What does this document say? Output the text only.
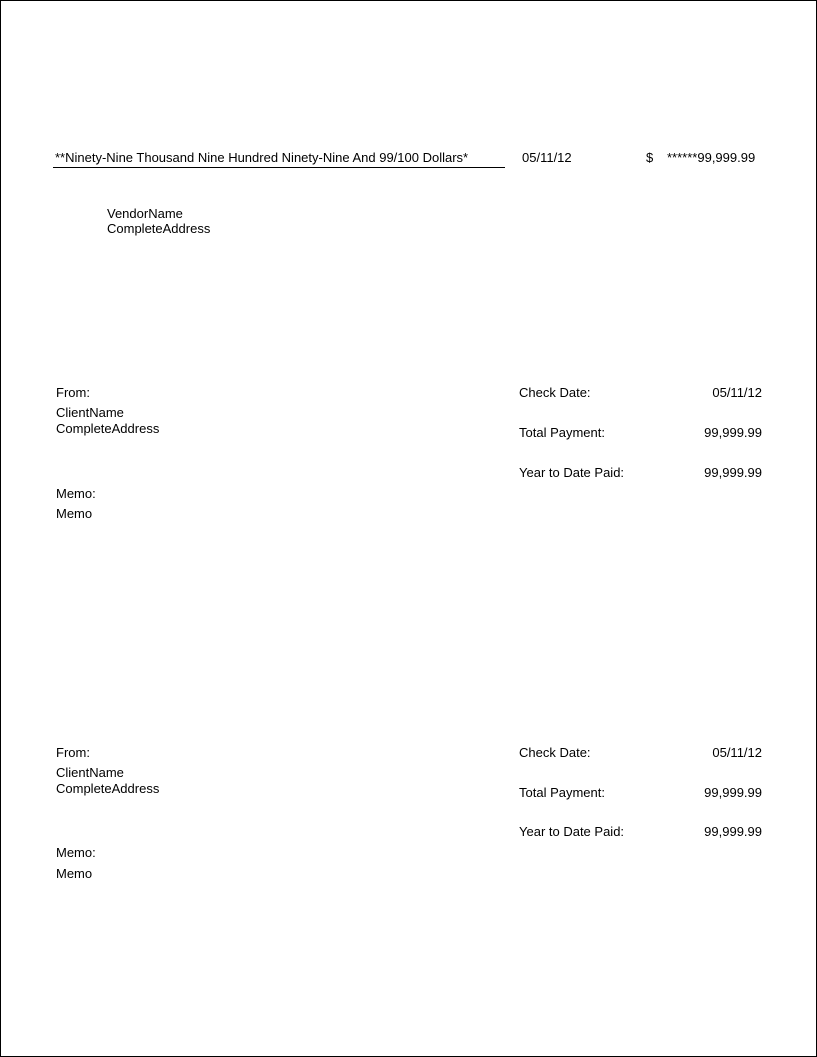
**Ninety-Nine Thousand Nine Hundred Ninety-Nine And 99/100 Dollars*	05/11/12	$ ******99,999.99
VendorName
CompleteAddress
From:
ClientName
CompleteAddress
Memo:
Memo
Check Date:	05/11/12
Total Payment:	99,999.99
Year to Date Paid:	99,999.99
From:
ClientName
CompleteAddress
Memo:
Memo
Check Date:	05/11/12
Total Payment:	99,999.99
Year to Date Paid:	99,999.99
